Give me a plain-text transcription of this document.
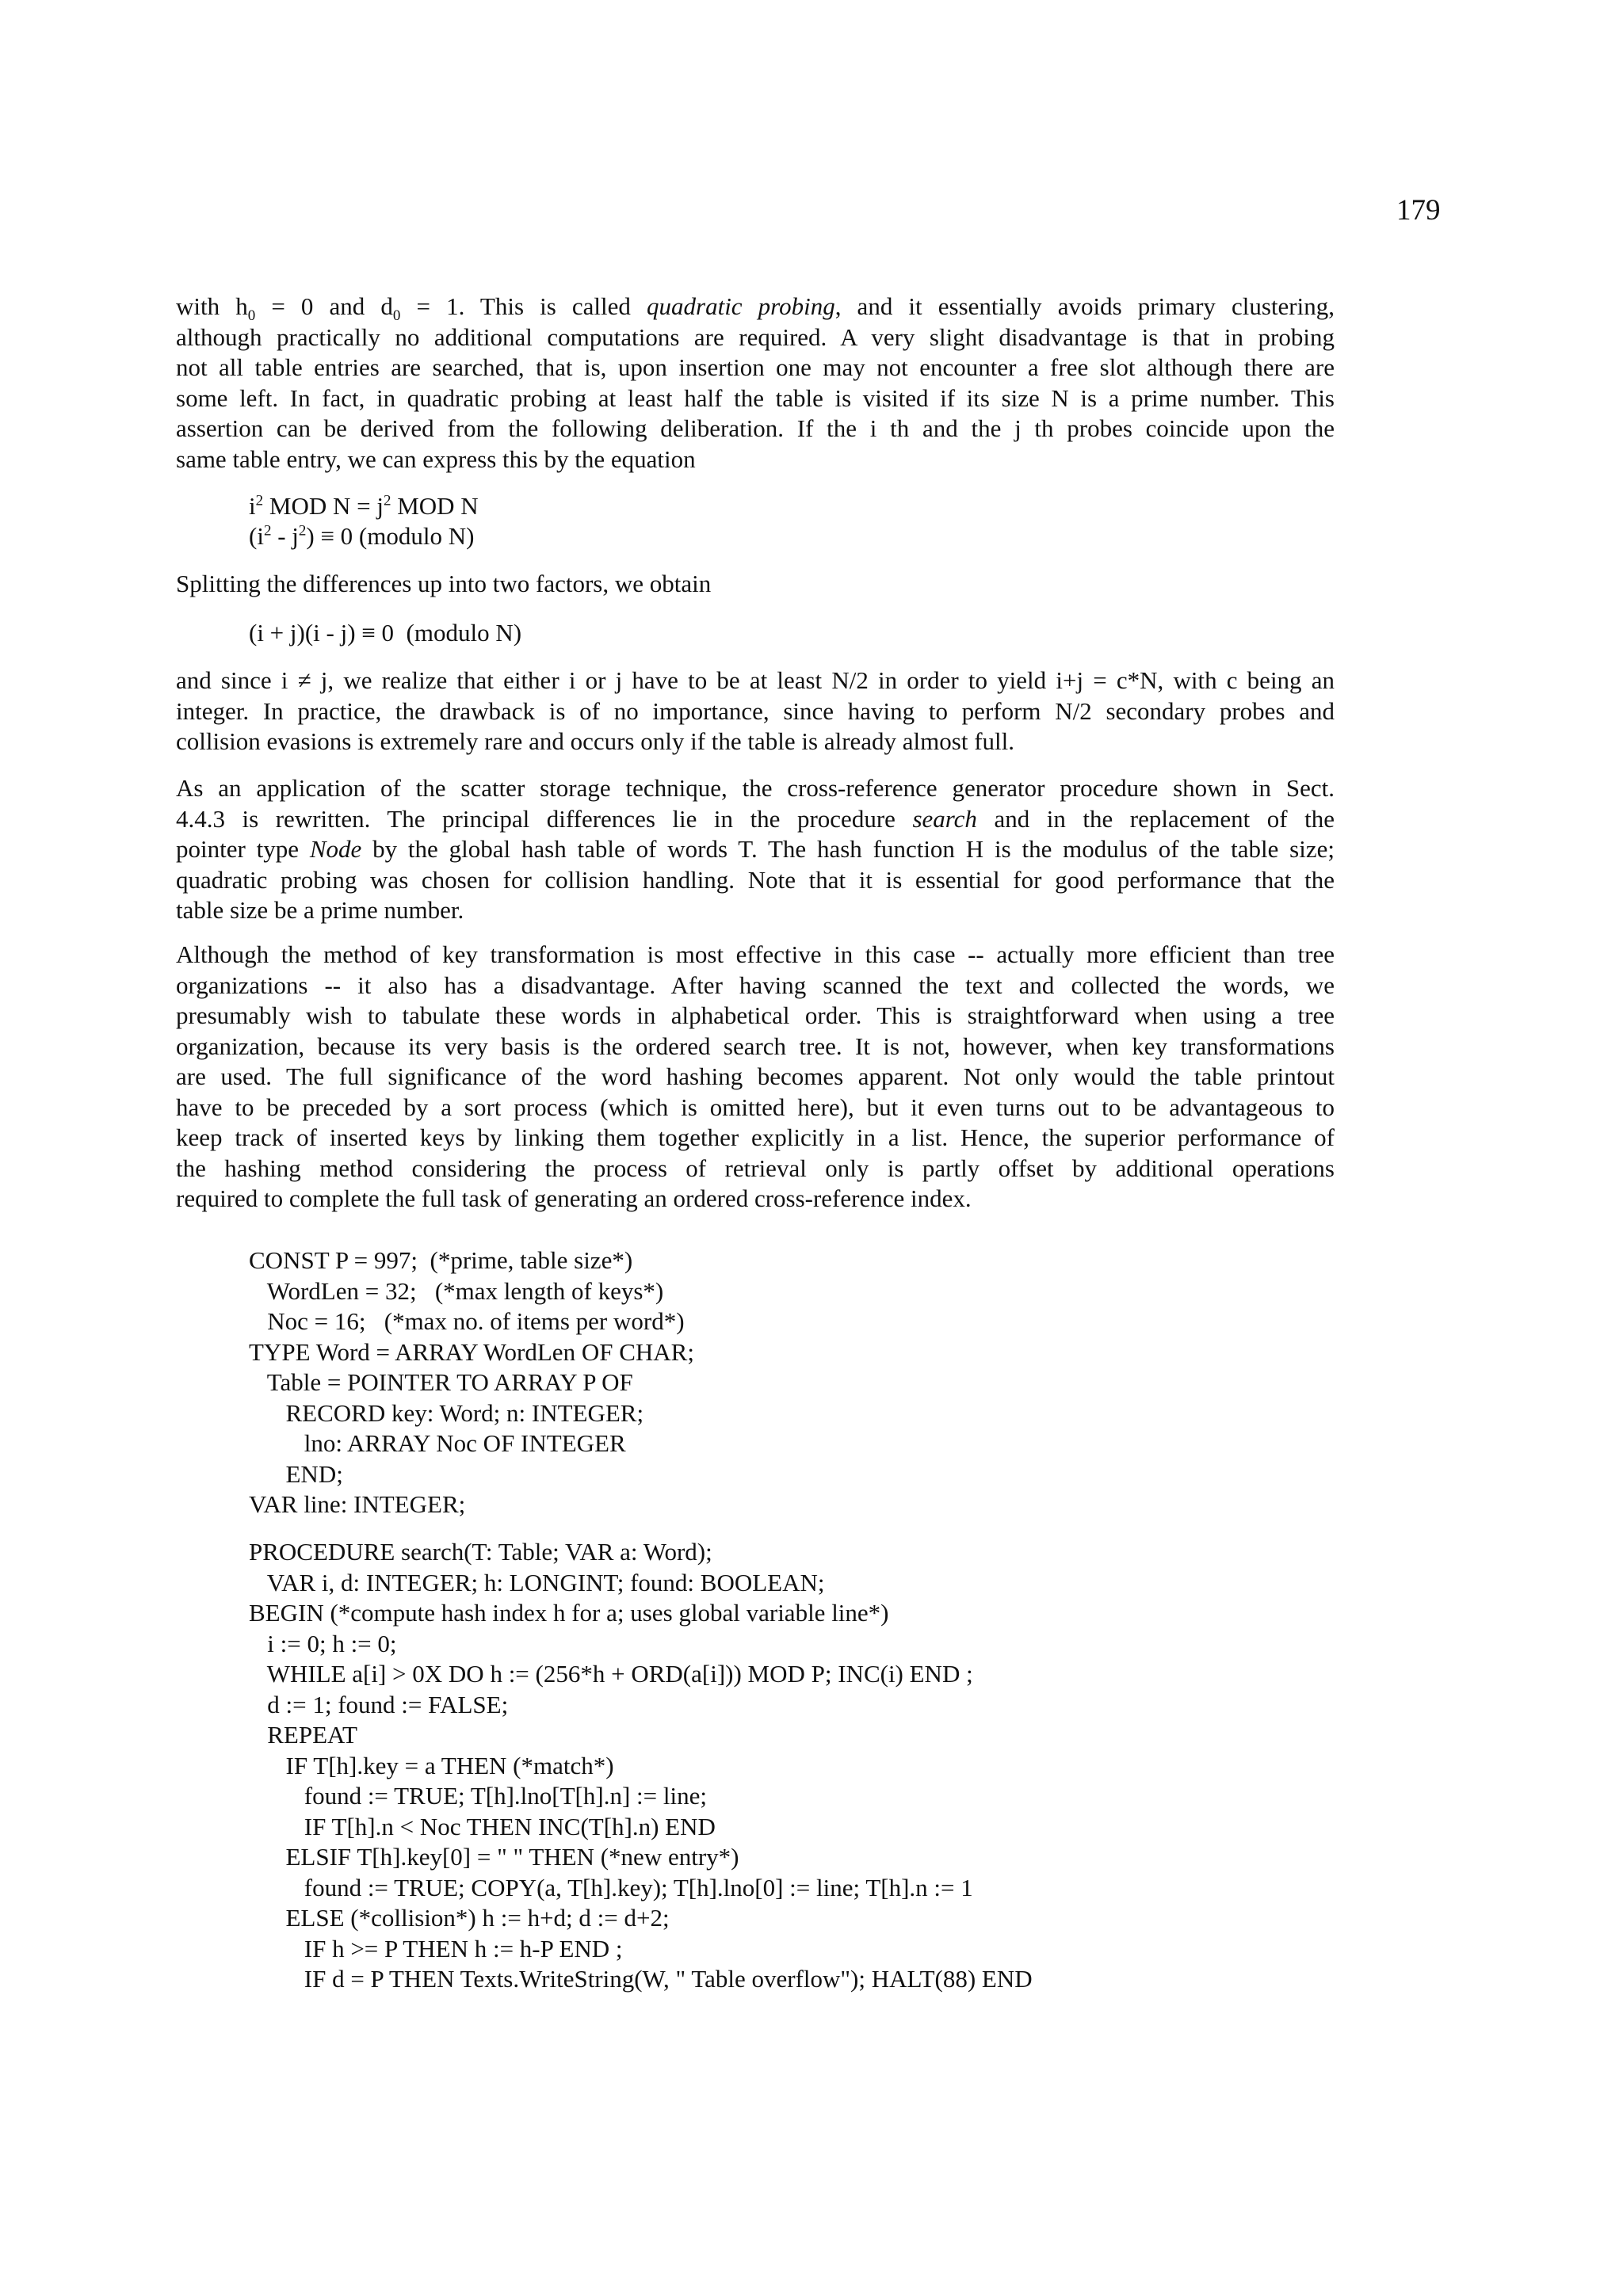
179
with $h_0 = 0$ and $d_0 = 1$. This is called quadratic probing, and it essentially avoids primary clustering,
although practically no additional computations are required. A very slight disadvantage is that in probing
not all table entries are searched, that is, upon insertion one may not encounter a free slot although there are
some left. In fact, in quadratic probing at least half the table is visited if its size N is a prime number. This
assertion can be derived from the following deliberation. If the i th and the j th probes coincide upon the
same table entry, we can express this by the equation
$i^2$ MOD $N = j^2$ MOD N
$(i^2 - j^2) \equiv 0$ (modulo N)
Splitting the differences up into two factors, we obtain
(i + j)(i - j) ≡ 0  (modulo N)
and since i ≠ j, we realize that either i or j have to be at least N/2 in order to yield i+j = c*N, with c being an
integer. In practice, the drawback is of no importance, since having to perform N/2 secondary probes and
collision evasions is extremely rare and occurs only if the table is already almost full.
As an application of the scatter storage technique, the cross-reference generator procedure shown in Sect.
4.4.3 is rewritten. The principal differences lie in the procedure search and in the replacement of the
pointer type Node by the global hash table of words T. The hash function H is the modulus of the table size;
quadratic probing was chosen for collision handling. Note that it is essential for good performance that the
table size be a prime number.
Although the method of key transformation is most effective in this case -- actually more efficient than tree
organizations -- it also has a disadvantage. After having scanned the text and collected the words, we
presumably wish to tabulate these words in alphabetical order. This is straightforward when using a tree
organization, because its very basis is the ordered search tree. It is not, however, when key transformations
are used. The full significance of the word hashing becomes apparent. Not only would the table printout
have to be preceded by a sort process (which is omitted here), but it even turns out to be advantageous to
keep track of inserted keys by linking them together explicitly in a list. Hence, the superior performance of
the hashing method considering the process of retrieval only is partly offset by additional operations
required to complete the full task of generating an ordered cross-reference index.
CONST P = 997;  (*prime, table size*)
WordLen = 32;   (*max length of keys*)
Noc = 16;   (*max no. of items per word*)
TYPE Word = ARRAY WordLen OF CHAR;
Table = POINTER TO ARRAY P OF
RECORD key: Word; n: INTEGER;
lno: ARRAY Noc OF INTEGER
END;
VAR line: INTEGER;
PROCEDURE search(T: Table; VAR a: Word);
VAR i, d: INTEGER; h: LONGINT; found: BOOLEAN;
BEGIN (*compute hash index h for a; uses global variable line*)
i := 0; h := 0;
WHILE a[i] > 0X DO h := (256*h + ORD(a[i])) MOD P; INC(i) END ;
d := 1; found := FALSE;
REPEAT
IF T[h].key = a THEN (*match*)
found := TRUE; T[h].lno[T[h].n] := line;
IF T[h].n < Noc THEN INC(T[h].n) END
ELSIF T[h].key[0] = " " THEN (*new entry*)
found := TRUE; COPY(a, T[h].key); T[h].lno[0] := line; T[h].n := 1
ELSE (*collision*) h := h+d; d := d+2;
IF h >= P THEN h := h-P END ;
IF d = P THEN Texts.WriteString(W, " Table overflow"); HALT(88) END
